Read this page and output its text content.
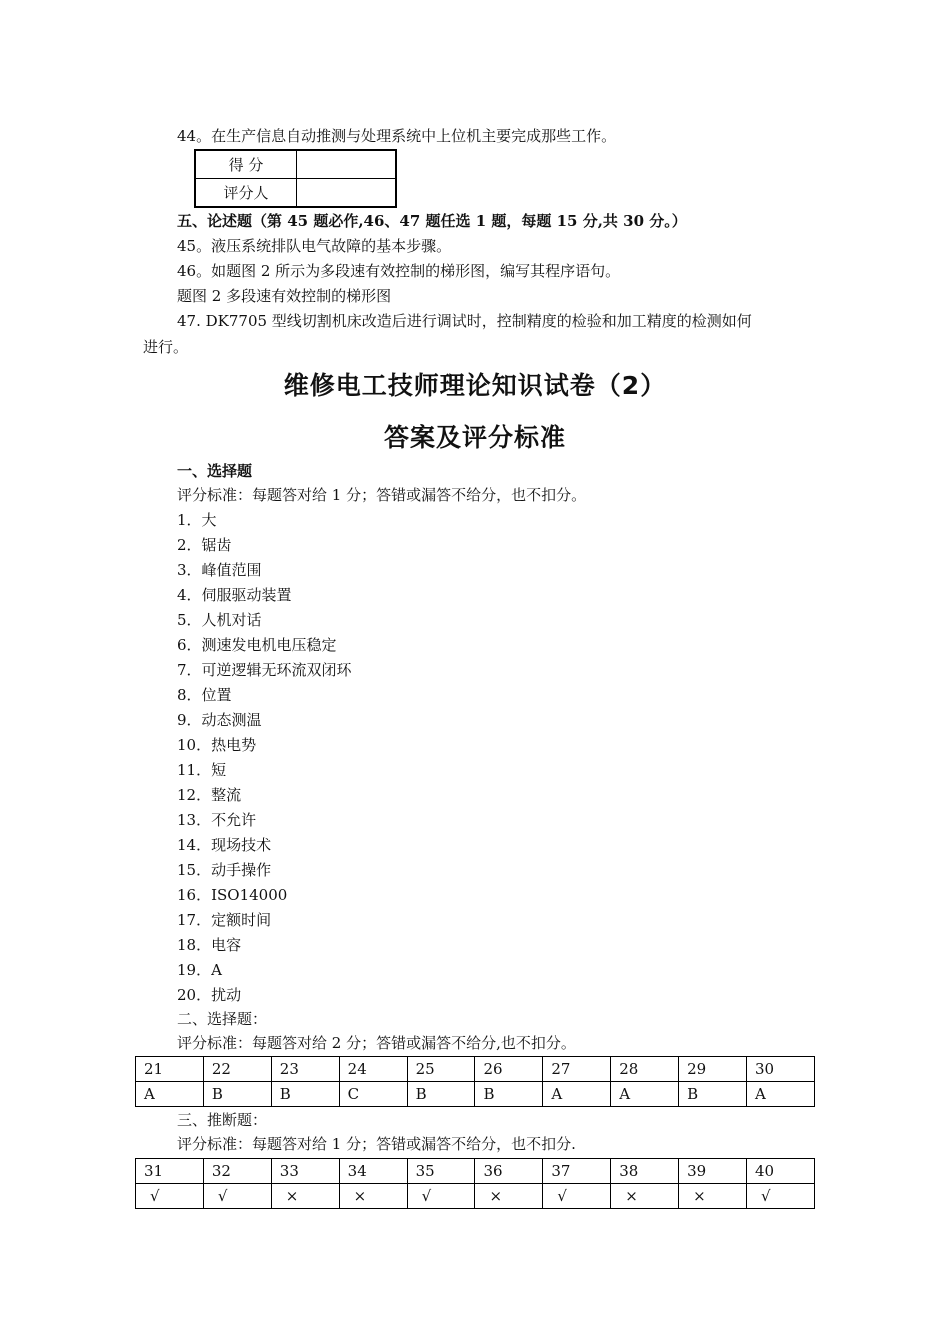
44。在生产信息自动推测与处理系统中上位机主要完成那些工作。
得 分	
评分人	
五、论述题（第 45 题必作,46、47 题任选 1 题，每题 15 分,共 30 分。）
45。液压系统排队电气故障的基本步骤。
46。如题图 2 所示为多段速有效控制的梯形图，编写其程序语句。
题图 2 多段速有效控制的梯形图
47. DK7705 型线切割机床改造后进行调试时，控制精度的检验和加工精度的检测如何
进行。
维修电工技师理论知识试卷（2）
答案及评分标准
一、选择题
评分标准：每题答对给 1 分；答错或漏答不给分，也不扣分。
1．大
2．锯齿
3．峰值范围
4．伺服驱动装置
5．人机对话
6．测速发电机电压稳定
7．可逆逻辑无环流双闭环
8．位置
9．动态测温
10．热电势
11．短
12．整流
13．不允许
14．现场技术
15．动手操作
16．ISO14000
17．定额时间
18．电容
19．A
20．扰动
二、选择题：
评分标准：每题答对给 2 分；答错或漏答不给分,也不扣分。
21	22	23	24	25	26	27	28	29	30
A	B	B	C	B	B	A	A	B	A
三、推断题：
评分标准：每题答对给 1 分；答错或漏答不给分，也不扣分.
31	32	33	34	35	36	37	38	39	40
√	√	×	×	√	×	√	×	×	√
